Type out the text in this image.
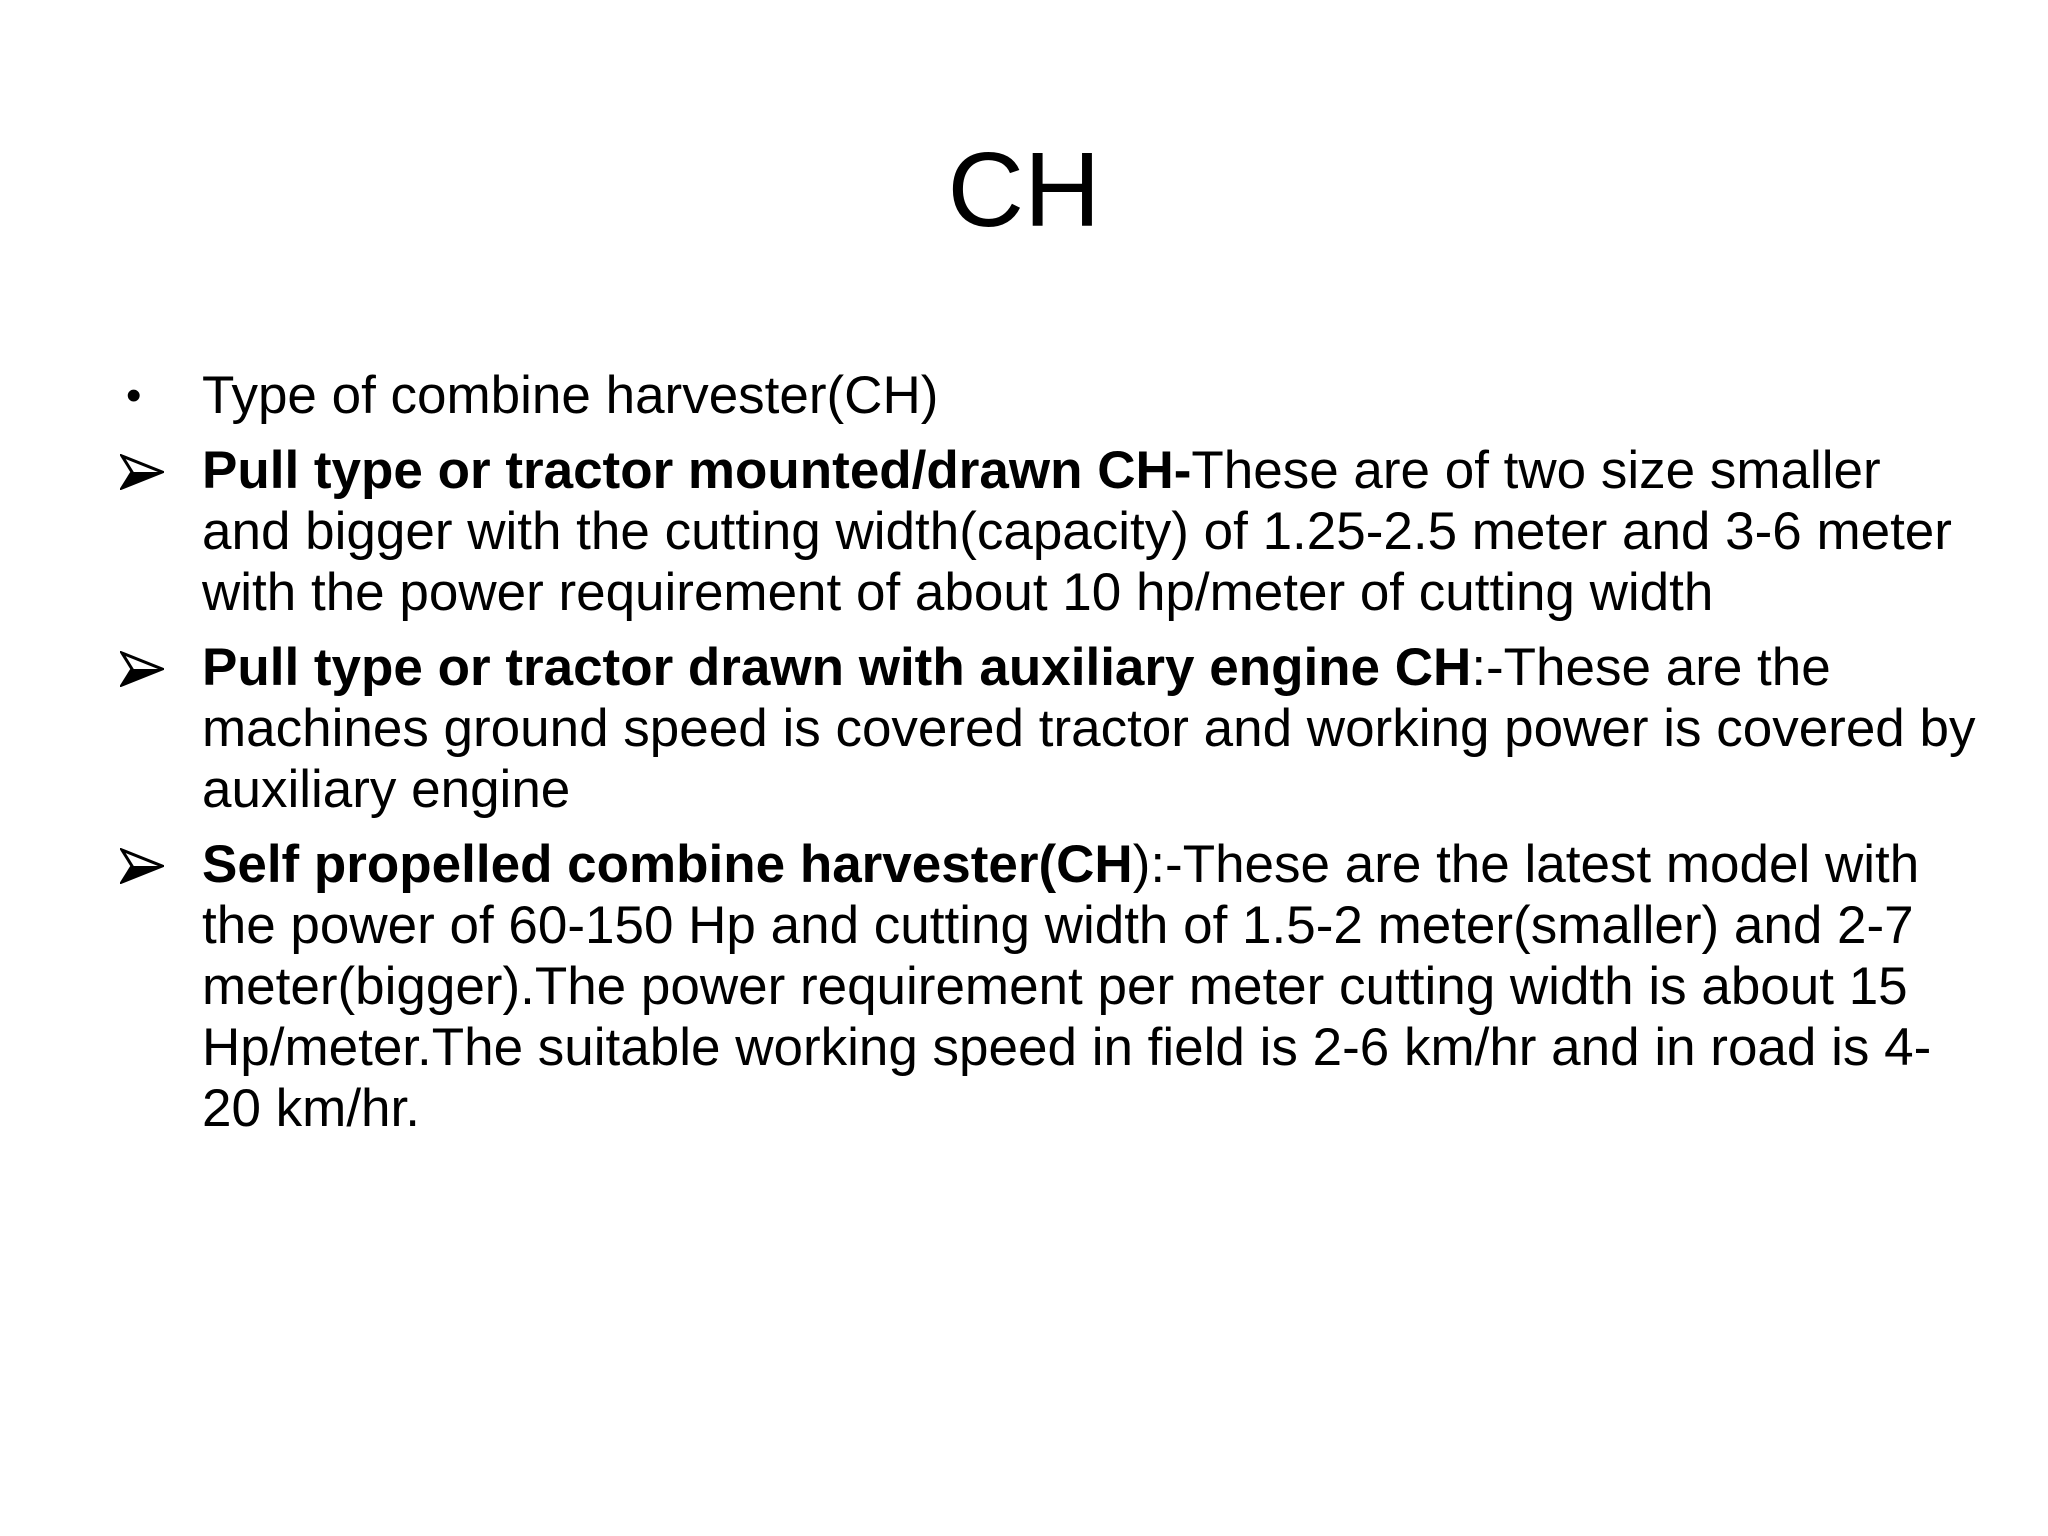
CH
•	Type of combine harvester(CH)
Pull type or tractor mounted/drawn CH-These are of two size smaller and bigger with the cutting width(capacity) of 1.25-2.5 meter and 3-6 meter with the power requirement of about 10 hp/meter of cutting width
Pull type or tractor drawn with auxiliary engine CH:-These are the machines ground speed is covered tractor and working power is covered by auxiliary engine
Self propelled combine harvester(CH):-These are the latest model with the power of 60-150 Hp and cutting width of 1.5-2 meter(smaller) and 2-7 meter(bigger).The power requirement per meter cutting width is about 15 Hp/meter.The suitable working speed in field is 2-6 km/hr and in road is 4-20 km/hr.
